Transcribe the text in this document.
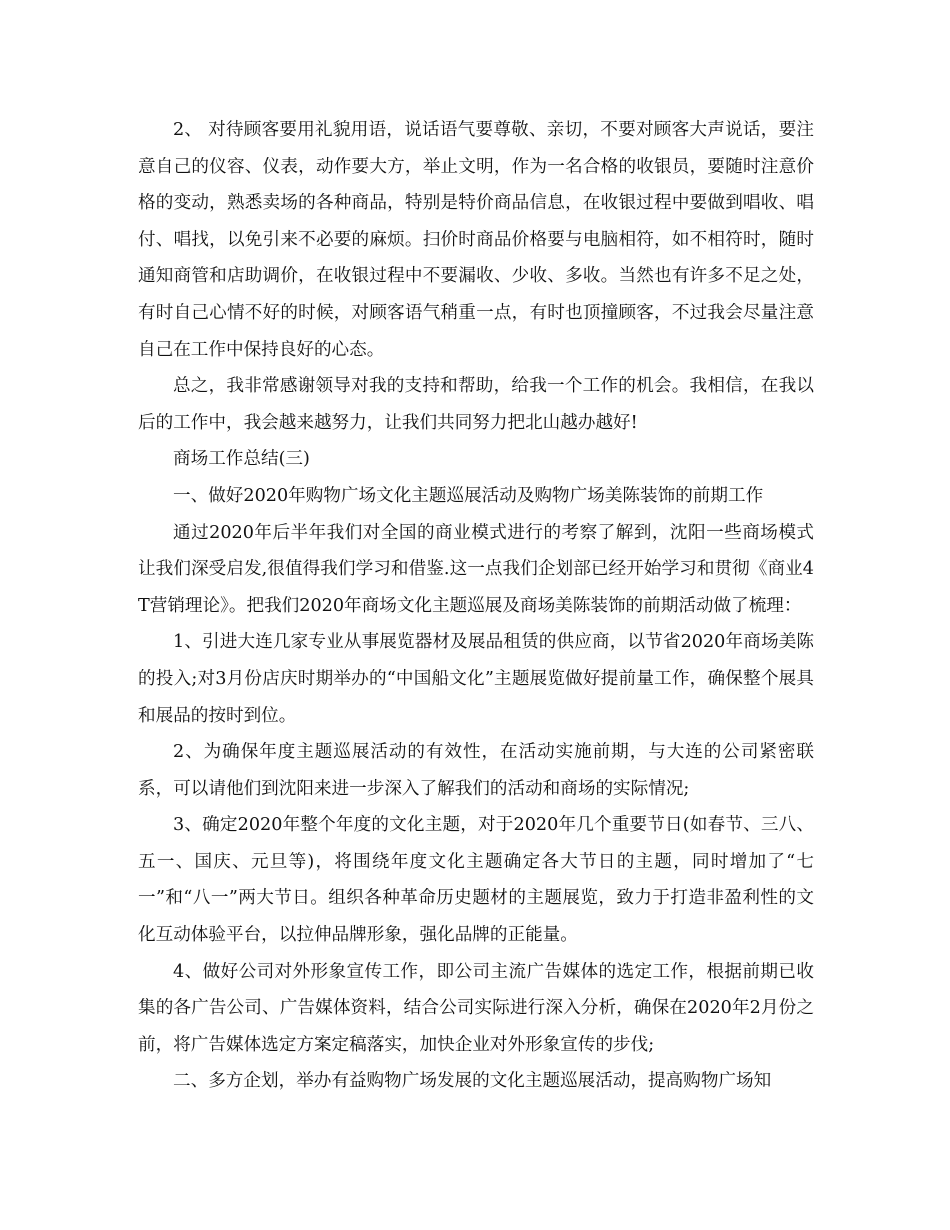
2、 对待顾客要用礼貌用语，说话语气要尊敬、亲切，不要对顾客大声说话，要注意自己的仪容、仪表，动作要大方，举止文明，作为一名合格的收银员，要随时注意价格的变动，熟悉卖场的各种商品，特别是特价商品信息，在收银过程中要做到唱收、唱付、唱找，以免引来不必要的麻烦。扫价时商品价格要与电脑相符，如不相符时，随时通知商管和店助调价，在收银过程中不要漏收、少收、多收。当然也有许多不足之处，有时自己心情不好的时候，对顾客语气稍重一点，有时也顶撞顾客，不过我会尽量注意自己在工作中保持良好的心态。

总之，我非常感谢领导对我的支持和帮助，给我一个工作的机会。我相信，在我以后的工作中，我会越来越努力，让我们共同努力把北山越办越好!

商场工作总结(三)

一、做好2020年购物广场文化主题巡展活动及购物广场美陈装饰的前期工作

通过2020年后半年我们对全国的商业模式进行的考察了解到，沈阳一些商场模式让我们深受启发,很值得我们学习和借鉴.这一点我们企划部已经开始学习和贯彻《商业4T营销理论》。把我们2020年商场文化主题巡展及商场美陈装饰的前期活动做了梳理：

1、引进大连几家专业从事展览器材及展品租赁的供应商，以节省2020年商场美陈的投入;对3月份店庆时期举办的“中国船文化”主题展览做好提前量工作，确保整个展具和展品的按时到位。

2、为确保年度主题巡展活动的有效性，在活动实施前期，与大连的公司紧密联系，可以请他们到沈阳来进一步深入了解我们的活动和商场的实际情况;

3、确定2020年整个年度的文化主题，对于2020年几个重要节日(如春节、三八、五一、国庆、元旦等)，将围绕年度文化主题确定各大节日的主题，同时增加了“七一”和“八一”两大节日。组织各种革命历史题材的主题展览，致力于打造非盈利性的文化互动体验平台，以拉伸品牌形象，强化品牌的正能量。

4、做好公司对外形象宣传工作，即公司主流广告媒体的选定工作，根据前期已收集的各广告公司、广告媒体资料，结合公司实际进行深入分析，确保在2020年2月份之前，将广告媒体选定方案定稿落实，加快企业对外形象宣传的步伐;

二、多方企划，举办有益购物广场发展的文化主题巡展活动，提高购物广场知
